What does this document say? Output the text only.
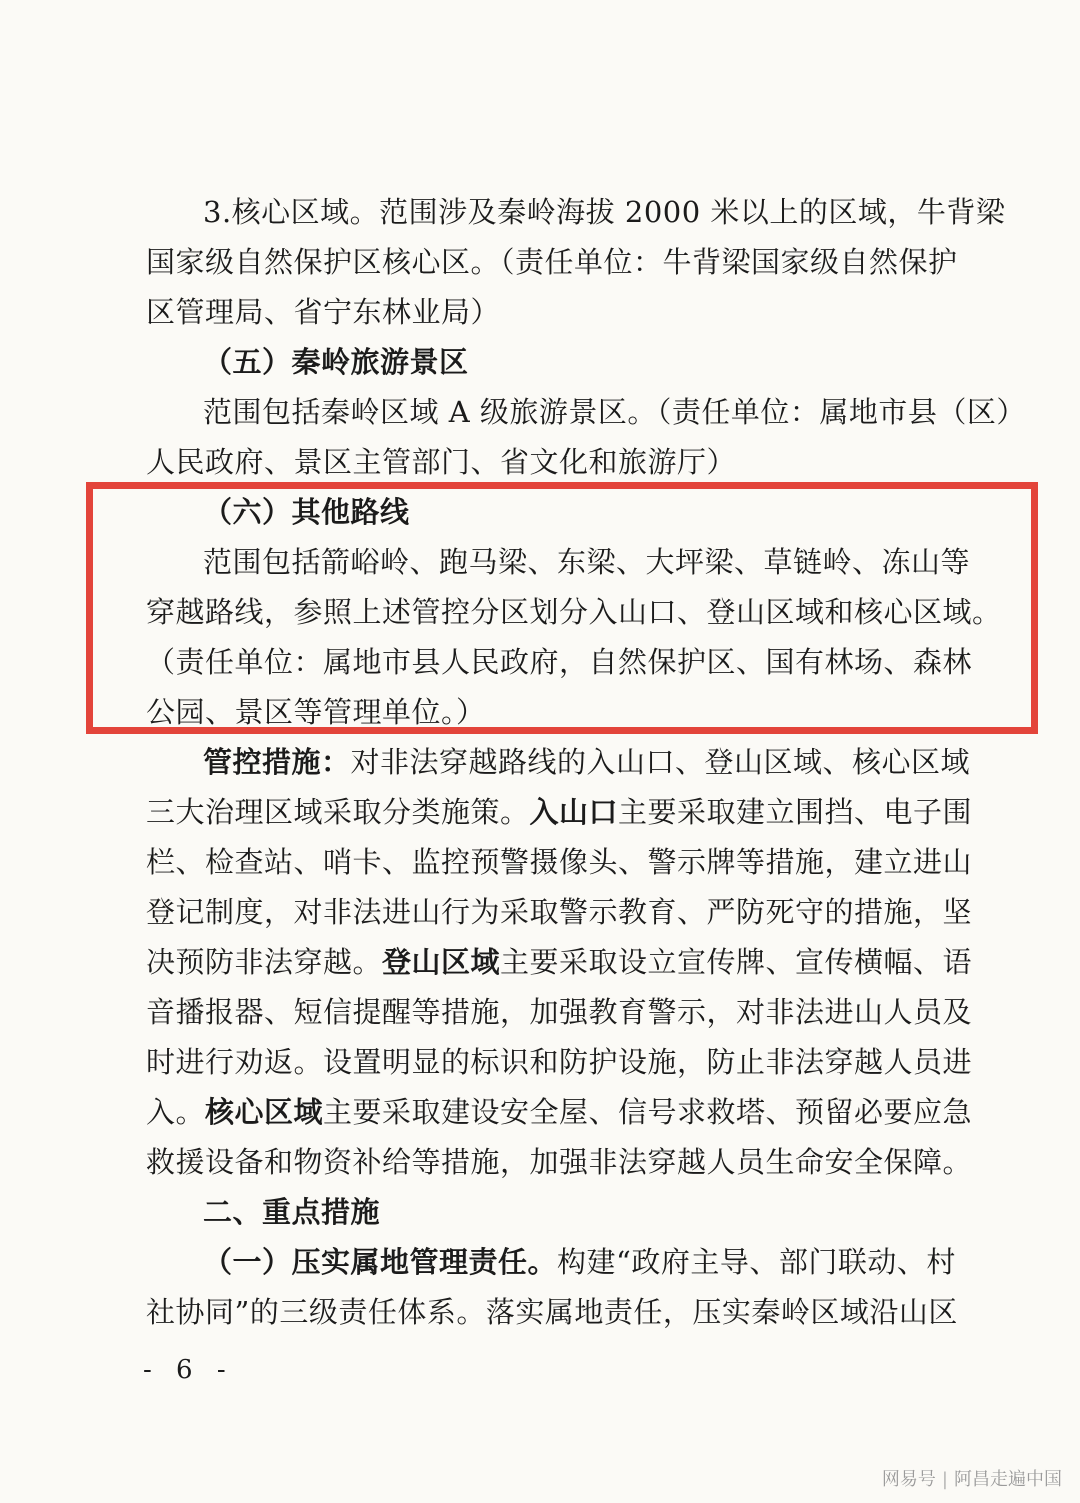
3.核心区域。范围涉及秦岭海拔 2000 米以上的区域，牛背梁
国家级自然保护区核心区。（责任单位：牛背梁国家级自然保护
区管理局、省宁东林业局）
（五）秦岭旅游景区
范围包括秦岭区域 A 级旅游景区。（责任单位：属地市县（区）
人民政府、景区主管部门、省文化和旅游厅）
（六）其他路线
范围包括箭峪岭、跑马梁、东梁、大坪梁、草链岭、冻山等
穿越路线，参照上述管控分区划分入山口、登山区域和核心区域。
（责任单位：属地市县人民政府，自然保护区、国有林场、森林
公园、景区等管理单位。）
管控措施：对非法穿越路线的入山口、登山区域、核心区域
三大治理区域采取分类施策。入山口主要采取建立围挡、电子围
栏、检查站、哨卡、监控预警摄像头、警示牌等措施，建立进山
登记制度，对非法进山行为采取警示教育、严防死守的措施，坚
决预防非法穿越。登山区域主要采取设立宣传牌、宣传横幅、语
音播报器、短信提醒等措施，加强教育警示，对非法进山人员及
时进行劝返。设置明显的标识和防护设施，防止非法穿越人员进
入。核心区域主要采取建设安全屋、信号求救塔、预留必要应急
救援设备和物资补给等措施，加强非法穿越人员生命安全保障。
二、重点措施
（一）压实属地管理责任。构建“政府主导、部门联动、村
社协同”的三级责任体系。落实属地责任，压实秦岭区域沿山区
- 6 -
网易号 | 阿昌走遍中国
